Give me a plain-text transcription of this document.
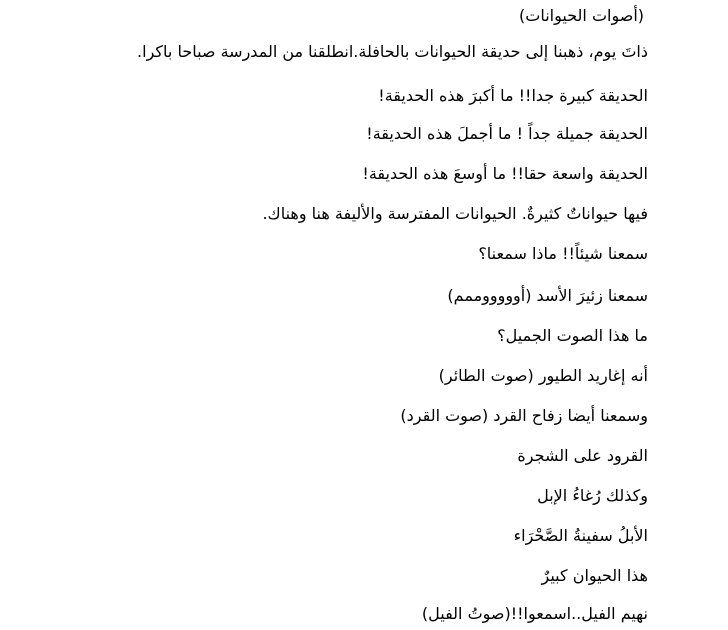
(أصوات الحيوانات)

ذاتَ يوم، ذهبنا إلى حديقة الحيوانات بالحافلة.انطلقنا من المدرسة صباحا باكرا.

الحديقة كبيرة جدا!! ما أكبرَ هذه الحديقة!

الحديقة جميلة جداً ! ما أجملَ هذه الحديقة!

الحديقة واسعة حقا!! ما أوسعَ هذه الحديقة!

فيها حيواناتٌ كثيرةٌ. الحيوانات المفترسة والأليفة هنا وهناك.

سمعنا شيئاً!! ماذا سمعنا؟

سمعنا زئيرَ الأسد (أوووووممم)

ما هذا الصوت الجميل؟

أنه إغاريد الطيور (صوت الطائر)

وسمعنا أيضا زفاح القرد (صوت القرد)

القرود على الشجرة

وكذلك رُغاءُ الإبل

الأبلُ سفينةُ الصَّحْرَاء

هذا الحيوان كبيرٌ

نهيم الفيل..اسمعوا!!(صوتُ الفيل)
